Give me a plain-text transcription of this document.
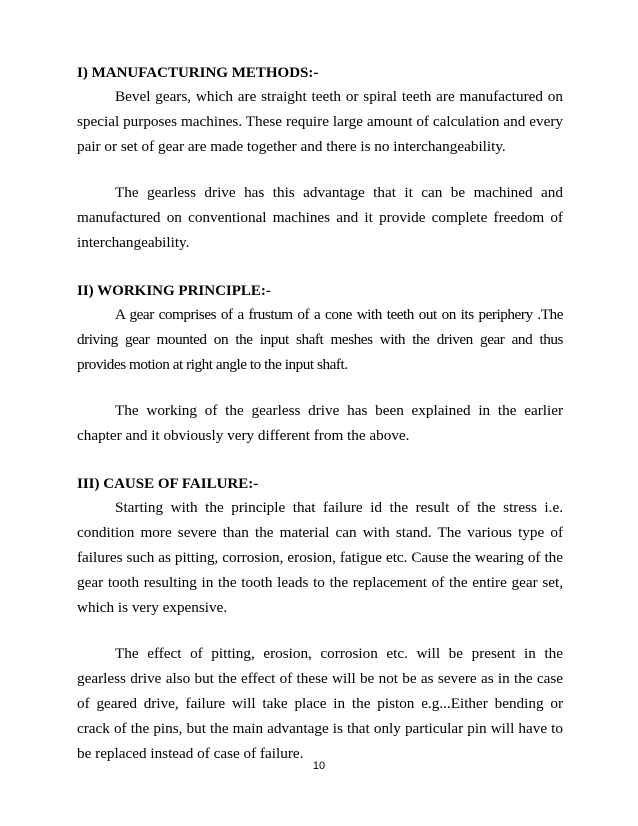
I) MANUFACTURING METHODS:-

Bevel gears, which are straight teeth or spiral teeth are manufactured on special purposes machines. These require large amount of calculation and every pair or set of gear are made together and there is no interchangeability.

The gearless drive has this advantage that it can be machined and manufactured on conventional machines and it provide complete freedom of interchangeability.

II) WORKING PRINCIPLE:-

A gear comprises of a frustum of a cone with teeth out on its periphery .The driving gear mounted on the input shaft meshes with the driven gear and thus provides motion at right angle to the input shaft.

The working of the gearless drive has been explained in the earlier chapter and it obviously very different from the above.

III) CAUSE OF FAILURE:-

Starting with the principle that failure id the result of the stress i.e. condition more severe than the material can with stand. The various type of failures such as pitting, corrosion, erosion, fatigue etc. Cause the wearing of the gear tooth resulting in the tooth leads to the replacement of the entire gear set, which is very expensive.

The effect of pitting, erosion, corrosion etc. will be present in the gearless drive also but the effect of these will be not be as severe as in the case of geared drive, failure will take place in the piston e.g...Either bending or crack of the pins, but the main advantage is that only particular pin will have to be replaced instead of case of failure.

10
